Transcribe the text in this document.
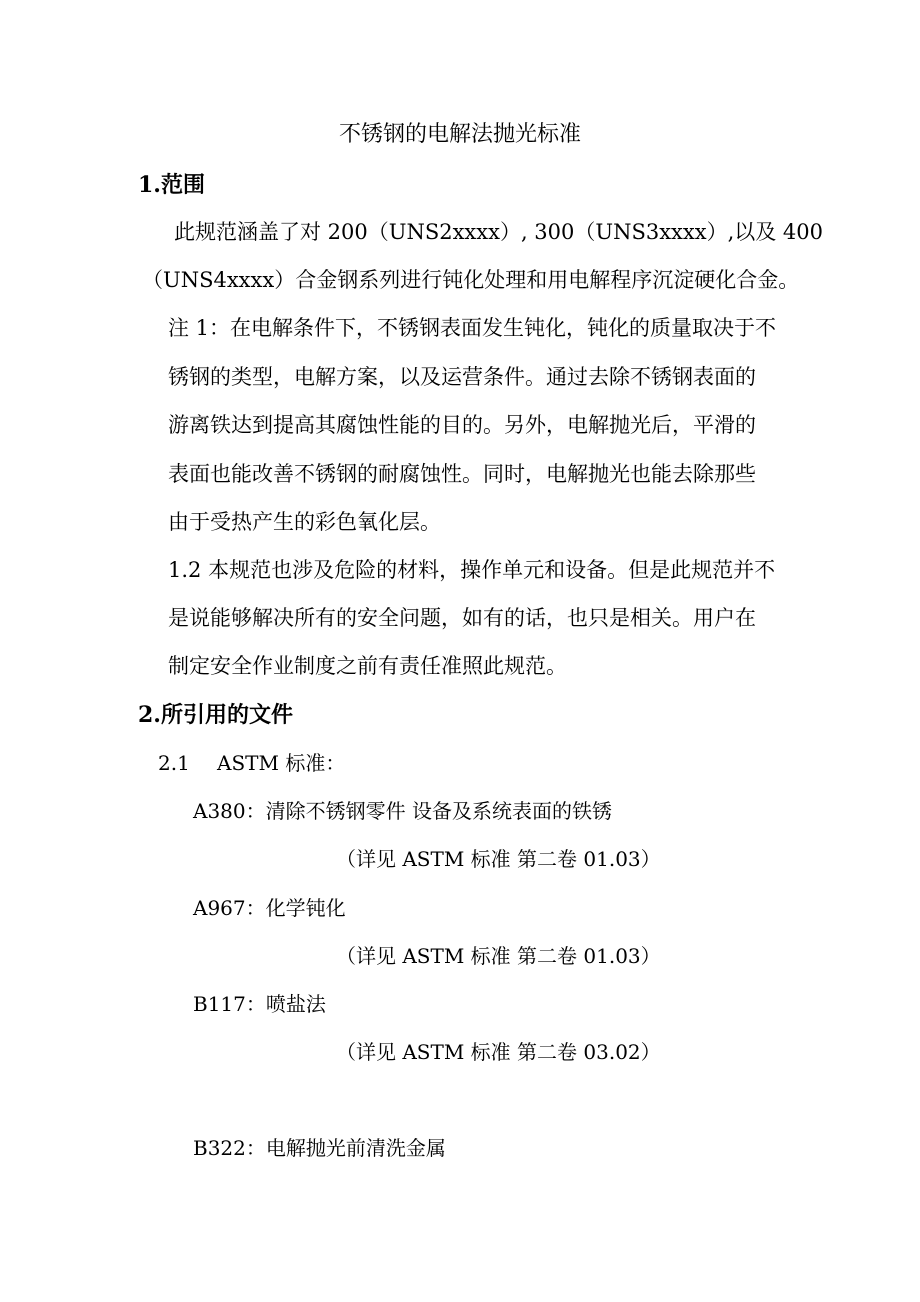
不锈钢的电解法抛光标准
1.范围
此规范涵盖了对 200（UNS2xxxx）, 300（UNS3xxxx）,以及 400
（UNS4xxxx）合金钢系列进行钝化处理和用电解程序沉淀硬化合金。
注 1：在电解条件下，不锈钢表面发生钝化，钝化的质量取决于不
锈钢的类型，电解方案，以及运营条件。通过去除不锈钢表面的
游离铁达到提高其腐蚀性能的目的。另外，电解抛光后，平滑的
表面也能改善不锈钢的耐腐蚀性。同时，电解抛光也能去除那些
由于受热产生的彩色氧化层。
1.2 本规范也涉及危险的材料，操作单元和设备。但是此规范并不
是说能够解决所有的安全问题，如有的话，也只是相关。用户在
制定安全作业制度之前有责任准照此规范。
2.所引用的文件
2.1 ASTM 标准：
A380：清除不锈钢零件 设备及系统表面的铁锈
（详见 ASTM 标准 第二卷 01.03）
A967：化学钝化
（详见 ASTM 标准 第二卷 01.03）
B117：喷盐法
（详见 ASTM 标准 第二卷 03.02）
B322：电解抛光前清洗金属
